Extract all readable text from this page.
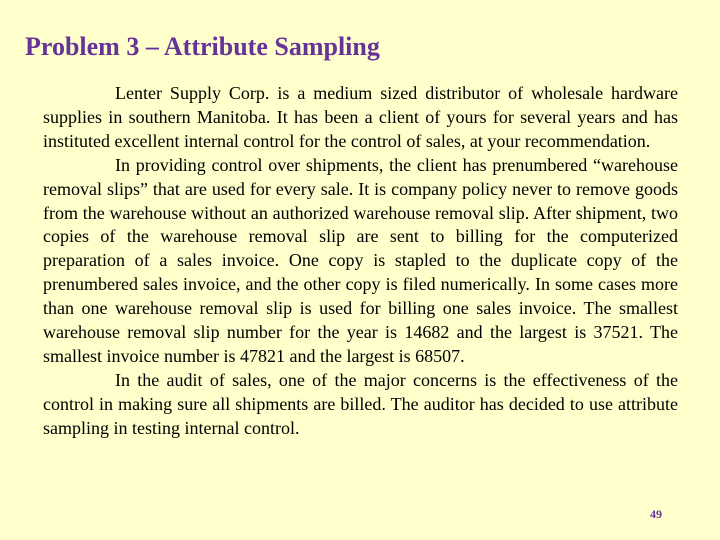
Problem 3 – Attribute Sampling

Lenter Supply Corp. is a medium sized distributor of wholesale hardware supplies in southern Manitoba. It has been a client of yours for several years and has instituted excellent internal control for the control of sales, at your recommendation.

In providing control over shipments, the client has prenumbered “warehouse removal slips” that are used for every sale. It is company policy never to remove goods from the warehouse without an authorized warehouse removal slip. After shipment, two copies of the warehouse removal slip are sent to billing for the computerized preparation of a sales invoice. One copy is stapled to the duplicate copy of the prenumbered sales invoice, and the other copy is filed numerically. In some cases more than one warehouse removal slip is used for billing one sales invoice. The smallest warehouse removal slip number for the year is 14682 and the largest is 37521. The smallest invoice number is 47821 and the largest is 68507.

In the audit of sales, one of the major concerns is the effectiveness of the control in making sure all shipments are billed. The auditor has decided to use attribute sampling in testing internal control.

49
